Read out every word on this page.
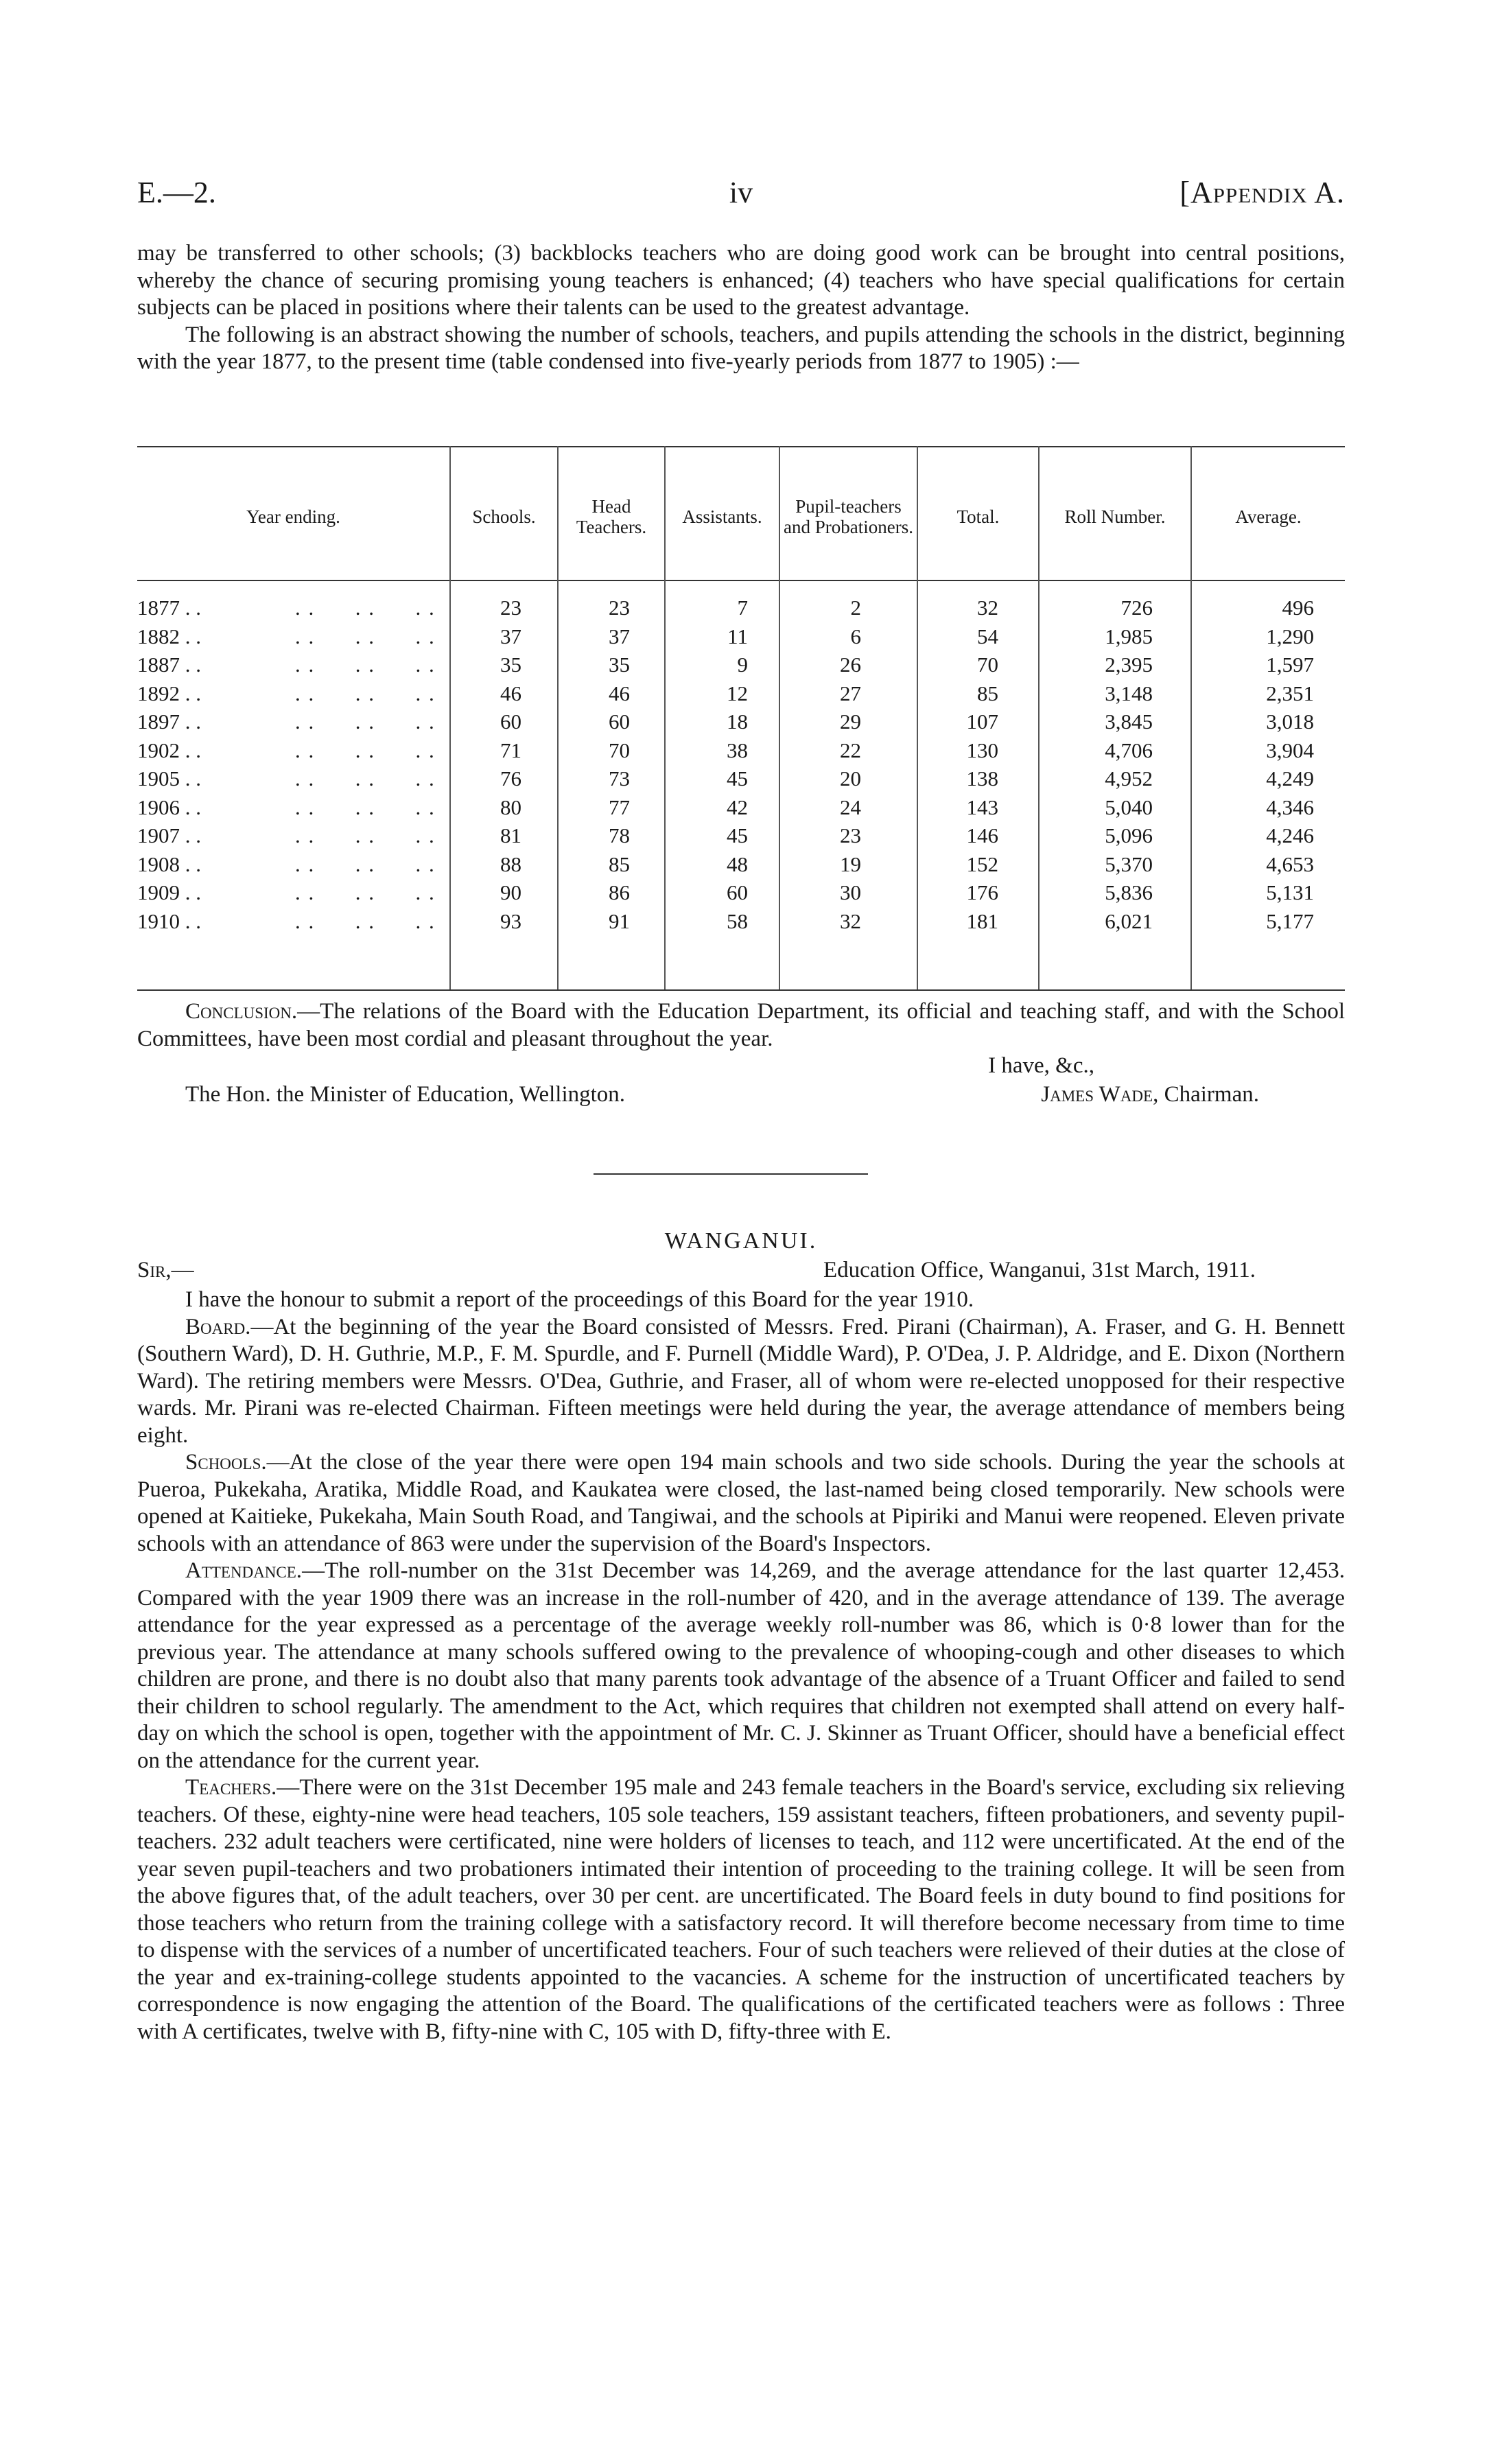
E.—2.	iv	[Appendix A.

may be transferred to other schools; (3) backblocks teachers who are doing good work can be brought into central positions, whereby the chance of securing promising young teachers is enhanced; (4) teachers who have special qualifications for certain subjects can be placed in positions where their talents can be used to the greatest advantage.

The following is an abstract showing the number of schools, teachers, and pupils attending the schools in the district, beginning with the year 1877, to the present time (table condensed into five-yearly periods from 1877 to 1905) :—

Year ending.	Schools.	Head Teachers.	Assistants.	Pupil-teachers and Probationers.	Total.	Roll Number.	Average.
1877 . .	. .      . .      . .	23	23	7	2	32	726	496
1882 . .	. .      . .      . .	37	37	11	6	54	1,985	1,290
1887 . .	. .      . .      . .	35	35	9	26	70	2,395	1,597
1892 . .	. .      . .      . .	46	46	12	27	85	3,148	2,351
1897 . .	. .      . .      . .	60	60	18	29	107	3,845	3,018
1902 . .	. .      . .      . .	71	70	38	22	130	4,706	3,904
1905 . .	. .      . .      . .	76	73	45	20	138	4,952	4,249
1906 . .	. .      . .      . .	80	77	42	24	143	5,040	4,346
1907 . .	. .      . .      . .	81	78	45	23	146	5,096	4,246
1908 . .	. .      . .      . .	88	85	48	19	152	5,370	4,653
1909 . .	. .      . .      . .	90	86	60	30	176	5,836	5,131
1910 . .	. .      . .      . .	93	91	58	32	181	6,021	5,177

Conclusion.—The relations of the Board with the Education Department, its official and teaching staff, and with the School Committees, have been most cordial and pleasant throughout the year.

I have, &c.,
The Hon. the Minister of Education, Wellington.	James Wade, Chairman.
WANGANUI.
Sir,—	Education Office, Wanganui, 31st March, 1911.

I have the honour to submit a report of the proceedings of this Board for the year 1910.

Board.—At the beginning of the year the Board consisted of Messrs. Fred. Pirani (Chairman), A. Fraser, and G. H. Bennett (Southern Ward), D. H. Guthrie, M.P., F. M. Spurdle, and F. Purnell (Middle Ward), P. O'Dea, J. P. Aldridge, and E. Dixon (Northern Ward). The retiring members were Messrs. O'Dea, Guthrie, and Fraser, all of whom were re-elected unopposed for their respective wards. Mr. Pirani was re-elected Chairman. Fifteen meetings were held during the year, the average attendance of members being eight.

Schools.—At the close of the year there were open 194 main schools and two side schools. During the year the schools at Pueroa, Pukekaha, Aratika, Middle Road, and Kaukatea were closed, the last-named being closed temporarily. New schools were opened at Kaitieke, Pukekaha, Main South Road, and Tangiwai, and the schools at Pipiriki and Manui were reopened. Eleven private schools with an attendance of 863 were under the supervision of the Board's Inspectors.

Attendance.—The roll-number on the 31st December was 14,269, and the average attendance for the last quarter 12,453. Compared with the year 1909 there was an increase in the roll-number of 420, and in the average attendance of 139. The average attendance for the year expressed as a percentage of the average weekly roll-number was 86, which is 0·8 lower than for the previous year. The attendance at many schools suffered owing to the prevalence of whooping-cough and other diseases to which children are prone, and there is no doubt also that many parents took advantage of the absence of a Truant Officer and failed to send their children to school regularly. The amendment to the Act, which requires that children not exempted shall attend on every half-day on which the school is open, together with the appointment of Mr. C. J. Skinner as Truant Officer, should have a beneficial effect on the attendance for the current year.

Teachers.—There were on the 31st December 195 male and 243 female teachers in the Board's service, excluding six relieving teachers. Of these, eighty-nine were head teachers, 105 sole teachers, 159 assistant teachers, fifteen probationers, and seventy pupil-teachers. 232 adult teachers were certificated, nine were holders of licenses to teach, and 112 were uncertificated. At the end of the year seven pupil-teachers and two probationers intimated their intention of proceeding to the training college. It will be seen from the above figures that, of the adult teachers, over 30 per cent. are uncertificated. The Board feels in duty bound to find positions for those teachers who return from the training college with a satisfactory record. It will therefore become necessary from time to time to dispense with the services of a number of uncertificated teachers. Four of such teachers were relieved of their duties at the close of the year and ex-training-college students appointed to the vacancies. A scheme for the instruction of uncertificated teachers by correspondence is now engaging the attention of the Board. The qualifications of the certificated teachers were as follows : Three with A certificates, twelve with B, fifty-nine with C, 105 with D, fifty-three with E.
